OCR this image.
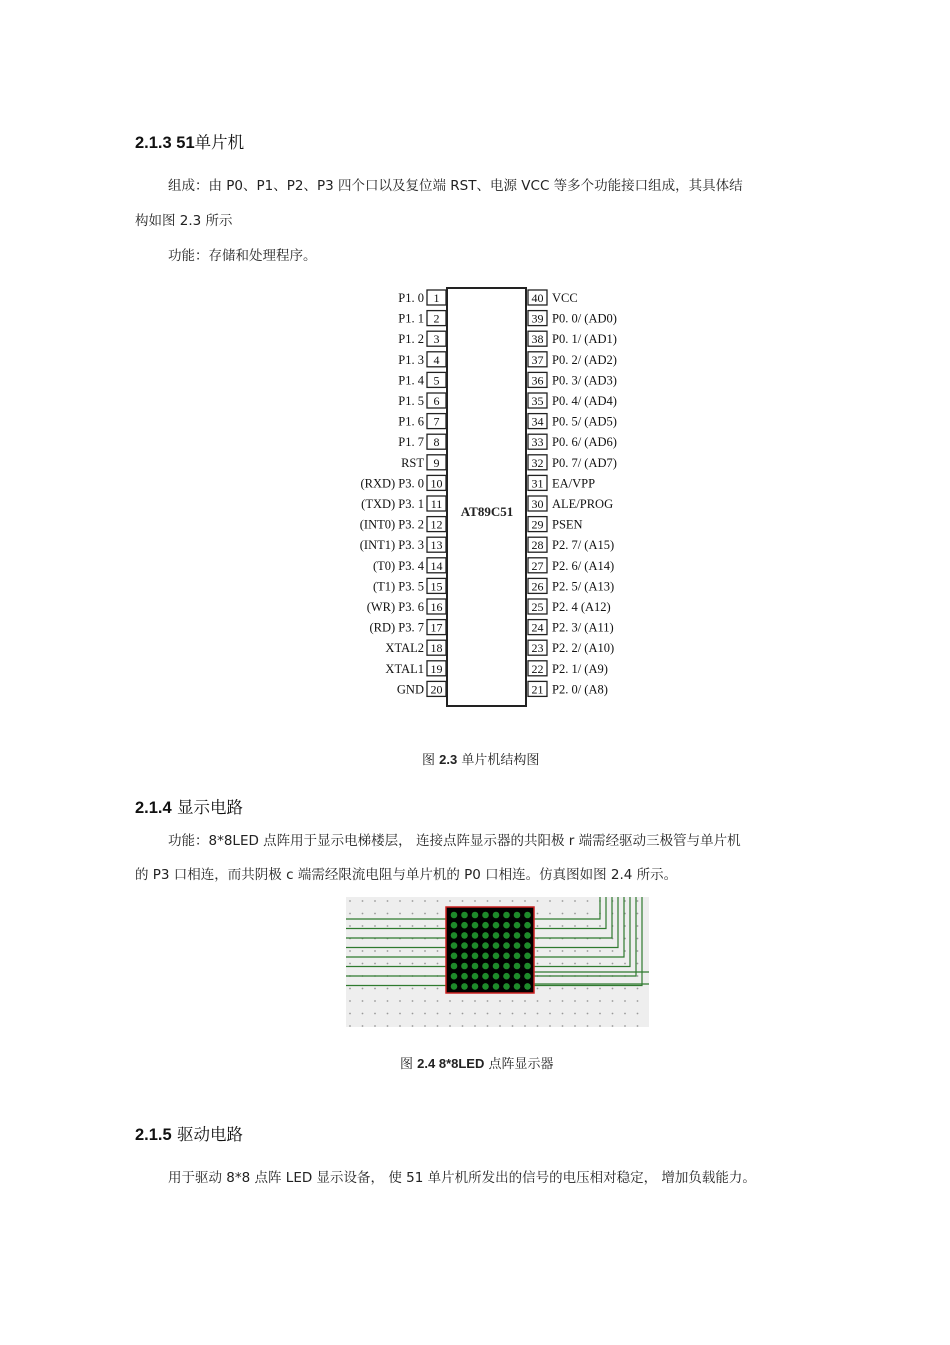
2.1.3 51单片机
组成：由 P0、P1、P2、P3 四个口以及复位端 RST、电源 VCC 等多个功能接口组成，其具体结
构如图 2.3 所示
功能：存储和处理程序。
AT89C51
1
P1. 0
2
P1. 1
3
P1. 2
4
P1. 3
5
P1. 4
6
P1. 5
7
P1. 6
8
P1. 7
9
RST
10
(RXD) P3. 0
11
(TXD) P3. 1
12
(INT0) P3. 2
13
(INT1) P3. 3
14
(T0) P3. 4
15
(T1) P3. 5
16
(WR) P3. 6
17
(RD) P3. 7
18
XTAL2
19
XTAL1
20
GND
40 VCC
39 P0. 0/ (AD0)
38 P0. 1/ (AD1)
37 P0. 2/ (AD2)
36 P0. 3/ (AD3)
35 P0. 4/ (AD4)
34 P0. 5/ (AD5)
33 P0. 6/ (AD6)
32 P0. 7/ (AD7)
31 EA/VPP
30 ALE/PROG
29 PSEN
28 P2. 7/ (A15)
27 P2. 6/ (A14)
26 P2. 5/ (A13)
25 P2. 4 (A12)
24 P2. 3/ (A11)
23 P2. 2/ (A10)
22 P2. 1/ (A9)
21 P2. 0/ (A8)
图 2.3 单片机结构图
2.1.4 显示电路
功能：8*8LED 点阵用于显示电梯楼层， 连接点阵显示器的共阳极 r 端需经驱动三极管与单片机
的 P3 口相连，而共阴极 c 端需经限流电阻与单片机的 P0 口相连。仿真图如图 2.4 所示。
图 2.4 8*8LED 点阵显示器
2.1.5 驱动电路
用于驱动 8*8 点阵 LED 显示设备， 使 51 单片机所发出的信号的电压相对稳定， 增加负载能力。
